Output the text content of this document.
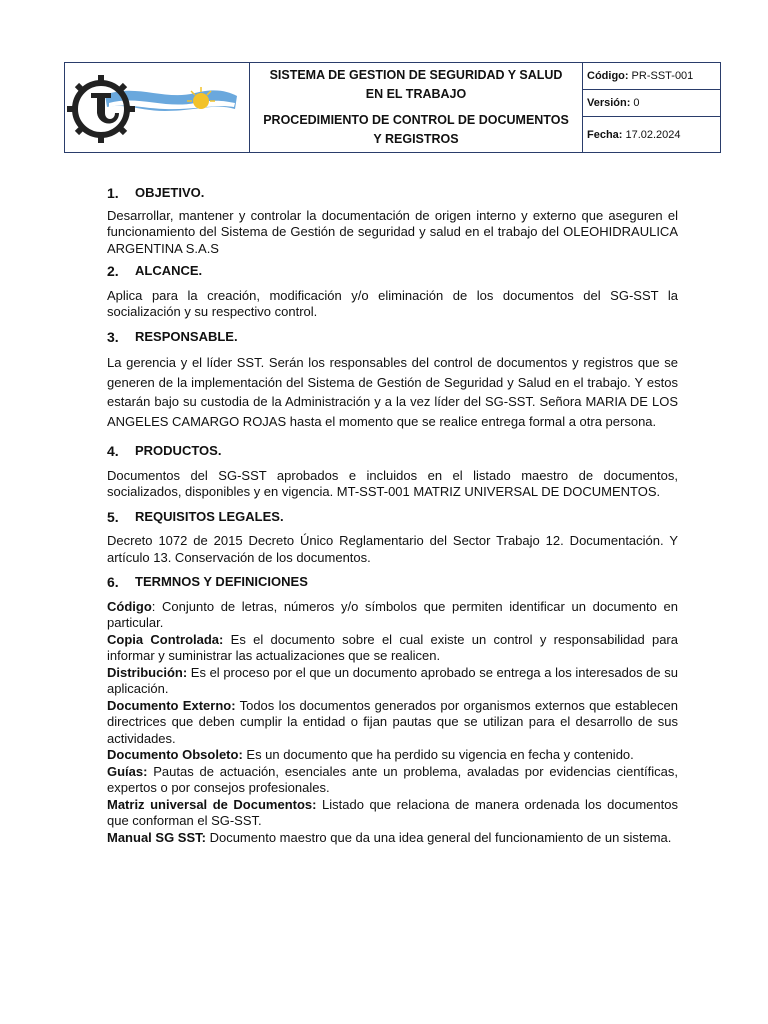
SISTEMA DE GESTION DE SEGURIDAD Y SALUD EN EL TRABAJO
PROCEDIMIENTO DE CONTROL DE DOCUMENTOS Y REGISTROS
Código: PR-SST-001
Versión: 0
Fecha: 17.02.2024
1.	OBJETIVO.

Desarrollar, mantener y controlar la documentación de origen interno y externo que aseguren el funcionamiento del Sistema de Gestión de seguridad y salud en el trabajo del OLEOHIDRAULICA ARGENTINA S.A.S

2.	ALCANCE.

Aplica para la creación, modificación y/o eliminación de los documentos del SG-SST la socialización y su respectivo control.

3.	RESPONSABLE.

La gerencia y el líder SST. Serán los responsables del control de documentos y registros que se generen de la implementación del Sistema de Gestión de Seguridad y Salud en el trabajo. Y estos estarán bajo su custodia de la Administración y a la vez líder del SG-SST. Señora MARIA DE LOS ANGELES CAMARGO ROJAS hasta el momento que se realice entrega formal a otra persona.

4.	PRODUCTOS.

Documentos del SG-SST aprobados e incluidos en el listado maestro de documentos, socializados, disponibles y en vigencia. MT-SST-001 MATRIZ UNIVERSAL DE DOCUMENTOS.

5.	REQUISITOS LEGALES.

Decreto 1072 de 2015 Decreto Único Reglamentario del Sector Trabajo 12. Documentación. Y artículo 13. Conservación de los documentos.

6.	TERMNOS Y DEFINICIONES
Código: Conjunto de letras, números y/o símbolos que permiten identificar un documento en particular.
Copia Controlada: Es el documento sobre el cual existe un control y responsabilidad para informar y suministrar las actualizaciones que se realicen.
Distribución: Es el proceso por el que un documento aprobado se entrega a los interesados de su aplicación.
Documento Externo: Todos los documentos generados por organismos externos que establecen directrices que deben cumplir la entidad o fijan pautas que se utilizan para el desarrollo de sus actividades.
Documento Obsoleto: Es un documento que ha perdido su vigencia en fecha y contenido.
Guías: Pautas de actuación, esenciales ante un problema, avaladas por evidencias científicas, expertos o por consejos profesionales.
Matriz universal de Documentos: Listado que relaciona de manera ordenada los documentos que conforman el SG-SST.
Manual SG SST: Documento maestro que da una idea general del funcionamiento de un sistema.
